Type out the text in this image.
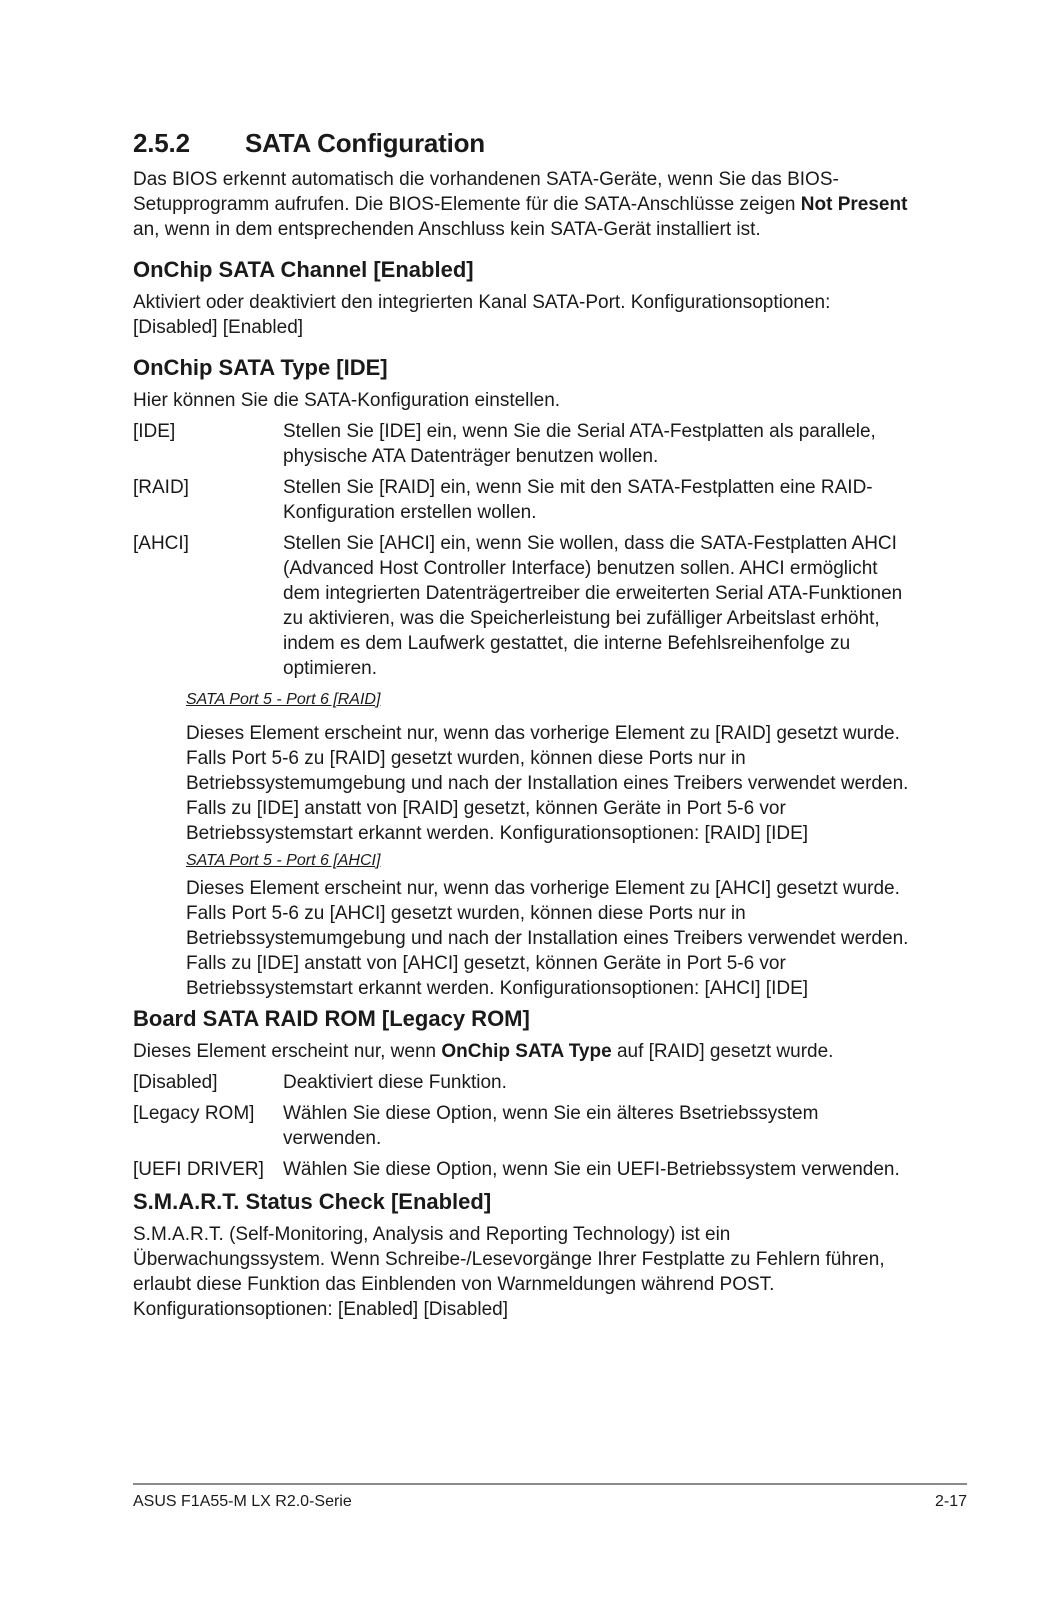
2.5.2	SATA Configuration

Das BIOS erkennt automatisch die vorhandenen SATA-Geräte, wenn Sie das BIOS-Setupprogramm aufrufen. Die BIOS-Elemente für die SATA-Anschlüsse zeigen Not Present an, wenn in dem entsprechenden Anschluss kein SATA-Gerät installiert ist.

OnChip SATA Channel [Enabled]

Aktiviert oder deaktiviert den integrierten Kanal SATA-Port. Konfigurationsoptionen: [Disabled] [Enabled]

OnChip SATA Type [IDE]

Hier können Sie die SATA-Konfiguration einstellen.

[IDE]	Stellen Sie [IDE] ein, wenn Sie die Serial ATA-Festplatten als parallele, physische ATA Datenträger benutzen wollen.
[RAID]	Stellen Sie [RAID] ein, wenn Sie mit den SATA-Festplatten eine RAID-Konfiguration erstellen wollen.
[AHCI]	Stellen Sie [AHCI] ein, wenn Sie wollen, dass die SATA-Festplatten AHCI (Advanced Host Controller Interface) benutzen sollen. AHCI ermöglicht dem integrierten Datenträgertreiber die erweiterten Serial ATA-Funktionen zu aktivieren, was die Speicherleistung bei zufälliger Arbeitslast erhöht, indem es dem Laufwerk gestattet, die interne Befehlsreihenfolge zu optimieren.
SATA Port 5 - Port 6 [RAID]

Dieses Element erscheint nur, wenn das vorherige Element zu [RAID] gesetzt wurde. Falls Port 5-6 zu [RAID] gesetzt wurden, können diese Ports nur in Betriebssystemumgebung und nach der Installation eines Treibers verwendet werden. Falls zu [IDE] anstatt von [RAID] gesetzt, können Geräte in Port 5-6 vor Betriebssystemstart erkannt werden. Konfigurationsoptionen: [RAID] [IDE]

SATA Port 5 - Port 6 [AHCI]

Dieses Element erscheint nur, wenn das vorherige Element zu [AHCI] gesetzt wurde. Falls Port 5-6 zu [AHCI] gesetzt wurden, können diese Ports nur in Betriebssystemumgebung und nach der Installation eines Treibers verwendet werden. Falls zu [IDE] anstatt von [AHCI] gesetzt, können Geräte in Port 5-6 vor Betriebssystemstart erkannt werden. Konfigurationsoptionen: [AHCI] [IDE]

Board SATA RAID ROM [Legacy ROM]

Dieses Element erscheint nur, wenn OnChip SATA Type auf [RAID] gesetzt wurde.

[Disabled]	Deaktiviert diese Funktion.
[Legacy ROM]	Wählen Sie diese Option, wenn Sie ein älteres Bsetriebssystem verwenden.
[UEFI DRIVER]	Wählen Sie diese Option, wenn Sie ein UEFI-Betriebssystem verwenden.
S.M.A.R.T. Status Check [Enabled]

S.M.A.R.T. (Self-Monitoring, Analysis and Reporting Technology) ist ein Überwachungssystem. Wenn Schreibe-/Lesevorgänge Ihrer Festplatte zu Fehlern führen, erlaubt diese Funktion das Einblenden von Warnmeldungen während POST. Konfigurationsoptionen: [Enabled] [Disabled]

ASUS F1A55-M LX R2.0-Serie	2-17
